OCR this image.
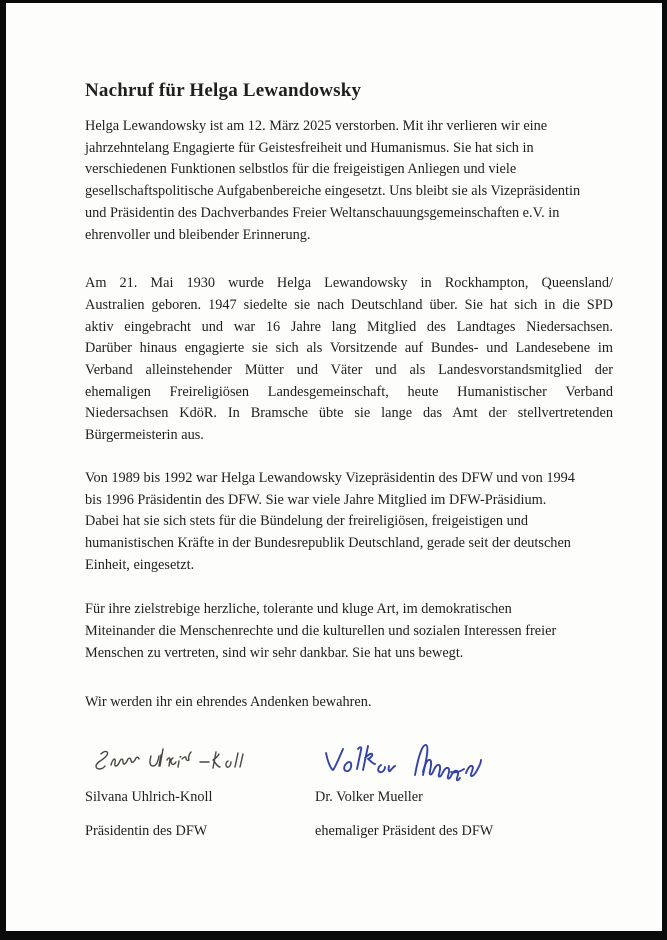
Nachruf für Helga Lewandowsky
Helga Lewandowsky ist am 12. März 2025 verstorben. Mit ihr verlieren wir eine
jahrzehntelang Engagierte für Geistesfreiheit und Humanismus. Sie hat sich in
verschiedenen Funktionen selbstlos für die freigeistigen Anliegen und viele
gesellschaftspolitische Aufgabenbereiche eingesetzt. Uns bleibt sie als Vizepräsidentin
und Präsidentin des Dachverbandes Freier Weltanschauungsgemeinschaften e.V. in
ehrenvoller und bleibender Erinnerung.
Am 21. Mai 1930 wurde Helga Lewandowsky in Rockhampton, Queensland/
Australien geboren. 1947 siedelte sie nach Deutschland über. Sie hat sich in die SPD
aktiv eingebracht und war 16 Jahre lang Mitglied des Landtages Niedersachsen.
Darüber hinaus engagierte sie sich als Vorsitzende auf Bundes- und Landesebene im
Verband alleinstehender Mütter und Väter und als Landesvorstandsmitglied der
ehemaligen Freireligiösen Landesgemeinschaft, heute Humanistischer Verband
Niedersachsen KdöR. In Bramsche übte sie lange das Amt der stellvertretenden
Bürgermeisterin aus.
Von 1989 bis 1992 war Helga Lewandowsky Vizepräsidentin des DFW und von 1994
bis 1996 Präsidentin des DFW. Sie war viele Jahre Mitglied im DFW-Präsidium.
Dabei hat sie sich stets für die Bündelung der freireligiösen, freigeistigen und
humanistischen Kräfte in der Bundesrepublik Deutschland, gerade seit der deutschen
Einheit, eingesetzt.
Für ihre zielstrebige herzliche, tolerante und kluge Art, im demokratischen
Miteinander die Menschenrechte und die kulturellen und sozialen Interessen freier
Menschen zu vertreten, sind wir sehr dankbar. Sie hat uns bewegt.
Wir werden ihr ein ehrendes Andenken bewahren.
Silvana Uhlrich-Knoll
Präsidentin des DFW
Dr. Volker Mueller
ehemaliger Präsident des DFW
